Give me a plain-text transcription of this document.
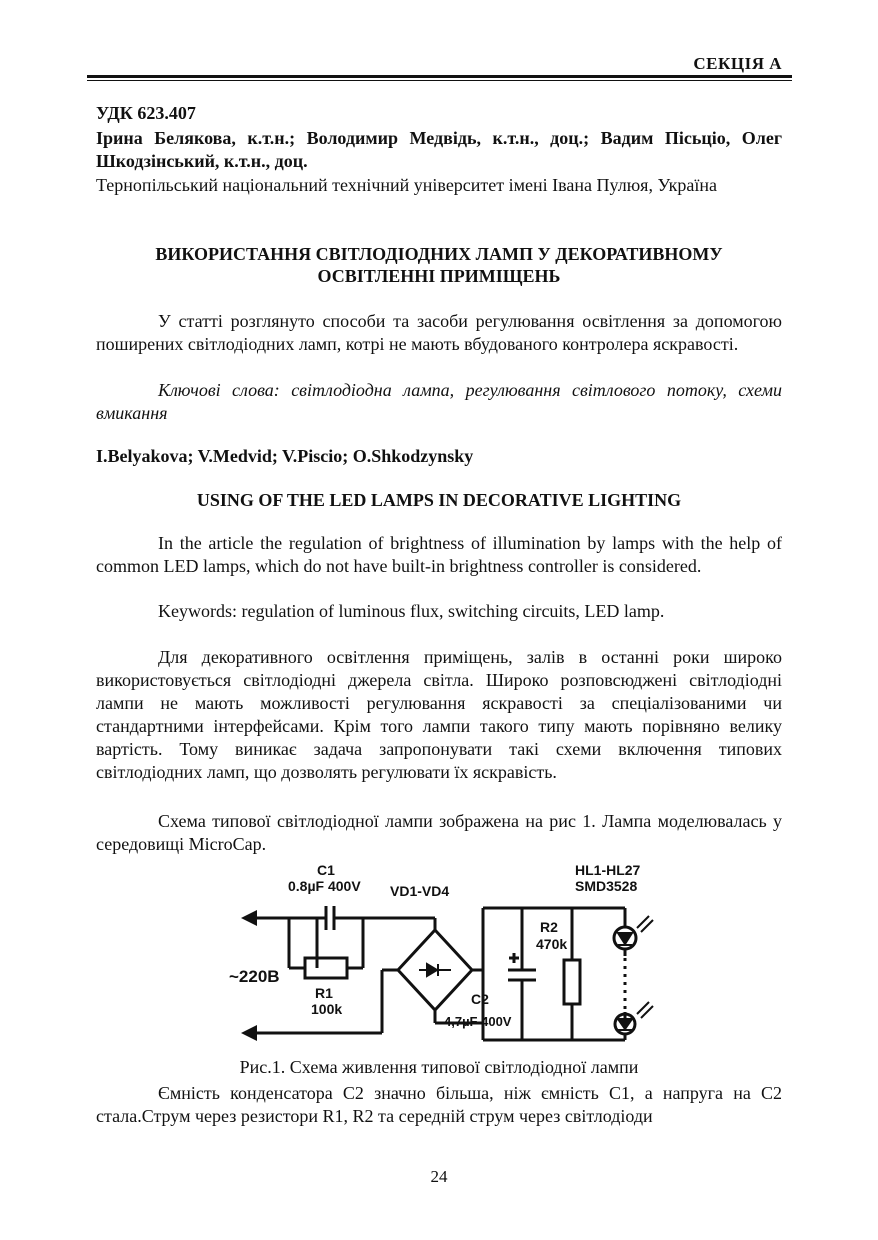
СЕКЦІЯ А
УДК 623.407
Ірина Белякова, к.т.н.; Володимир Медвідь, к.т.н., доц.; Вадим Пісьціо, Олег Шкодзінський, к.т.н., доц.
Тернопільський національний технічний університет імені Івана Пулюя, Україна
ВИКОРИСТАННЯ СВІТЛОДІОДНИХ ЛАМП У ДЕКОРАТИВНОМУ ОСВІТЛЕННІ ПРИМІЩЕНЬ
У статті розглянуто способи та засоби регулювання освітлення за допомогою поширених світлодіодних ламп, котрі не мають вбудованого контролера яскравості.
Ключові слова: світлодіодна лампа, регулювання світлового потоку, схеми вмикання
I.Belyakova; V.Medvid; V.Piscio; O.Shkodzynsky
USING OF THE LED LAMPS IN DECORATIVE LIGHTING
In the article the regulation of brightness of illumination by lamps with the help of common LED lamps, which do not have built-in brightness controller is considered.
Keywords: regulation of luminous flux, switching circuits, LED lamp.
Для декоративного освітлення приміщень, залів в останні роки широко використовується світлодіодні джерела світла. Широко розповсюджені світлодіодні лампи не мають можливості регулювання яскравості за спеціалізованими чи стандартними інтерфейсами. Крім того лампи такого типу мають порівняно велику вартість. Тому виникає задача запропонувати такі схеми включення типових світлодіодних ламп, що дозволять регулювати їх яскравість.
Схема типової світлодіодної лампи зображена на рис 1. Лампа моделювалась у середовищі MicroCap.
C1
0.8µF 400V VD1-VD4
HL1-HL27
SMD3528
R2
470k
~220B
R1
100k
C2
4,7µF 400V
Рис.1. Схема живлення типової світлодіодної лампи
Ємність конденсатора С2 значно більша, ніж ємність С1, а напруга на С2 стала.Струм через резистори R1, R2 та середній струм через світлодіоди
24
